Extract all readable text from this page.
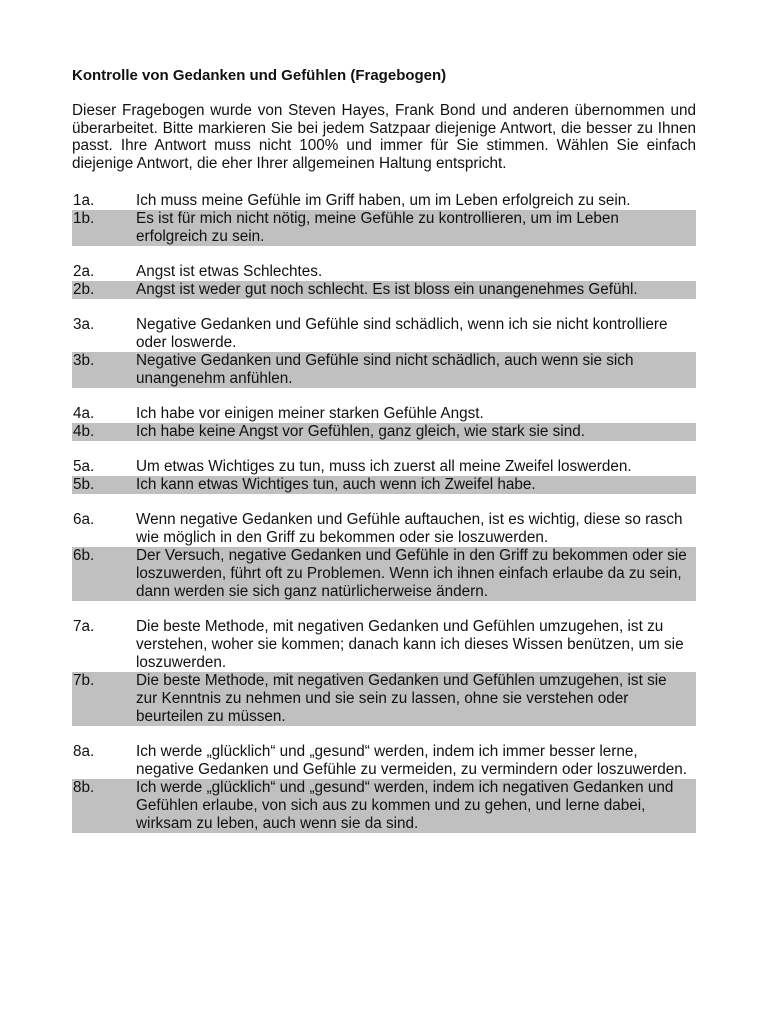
Kontrolle von Gedanken und Gefühlen (Fragebogen)
Dieser Fragebogen wurde von Steven Hayes, Frank Bond und anderen übernommen und überarbeitet. Bitte markieren Sie bei jedem Satzpaar diejenige Antwort, die besser zu Ihnen passt. Ihre Antwort muss nicht 100% und immer für Sie stimmen. Wählen Sie einfach diejenige Antwort, die eher Ihrer allgemeinen Haltung entspricht.
1a.	Ich muss meine Gefühle im Griff haben, um im Leben erfolgreich zu sein.
1b.	Es ist für mich nicht nötig, meine Gefühle zu kontrollieren, um im Leben erfolgreich zu sein.
2a.	Angst ist etwas Schlechtes.
2b.	Angst ist weder gut noch schlecht. Es ist bloss ein unangenehmes Gefühl.
3a.	Negative Gedanken und Gefühle sind schädlich, wenn ich sie nicht kontrolliere oder loswerde.
3b.	Negative Gedanken und Gefühle sind nicht schädlich, auch wenn sie sich unangenehm anfühlen.
4a.	Ich habe vor einigen meiner starken Gefühle Angst.
4b.	Ich habe keine Angst vor Gefühlen, ganz gleich, wie stark sie sind.
5a.	Um etwas Wichtiges zu tun, muss ich zuerst all meine Zweifel loswerden.
5b.	Ich kann etwas Wichtiges tun, auch wenn ich Zweifel habe.
6a.	Wenn negative Gedanken und Gefühle auftauchen, ist es wichtig, diese so rasch wie möglich in den Griff zu bekommen oder sie loszuwerden.
6b.	Der Versuch, negative Gedanken und Gefühle in den Griff zu bekommen oder sie loszuwerden, führt oft zu Problemen. Wenn ich ihnen einfach erlaube da zu sein, dann werden sie sich ganz natürlicherweise ändern.
7a.	Die beste Methode, mit negativen Gedanken und Gefühlen umzugehen, ist zu verstehen, woher sie kommen; danach kann ich dieses Wissen benützen, um sie loszuwerden.
7b.	Die beste Methode, mit negativen Gedanken und Gefühlen umzugehen, ist sie zur Kenntnis zu nehmen und sie sein zu lassen, ohne sie verstehen oder beurteilen zu müssen.
8a.	Ich werde „glücklich“ und „gesund“ werden, indem ich immer besser lerne, negative Gedanken und Gefühle zu vermeiden, zu vermindern oder loszuwerden.
8b.	Ich werde „glücklich“ und „gesund“ werden, indem ich negativen Gedanken und Gefühlen erlaube, von sich aus zu kommen und zu gehen, und lerne dabei, wirksam zu leben, auch wenn sie da sind.
